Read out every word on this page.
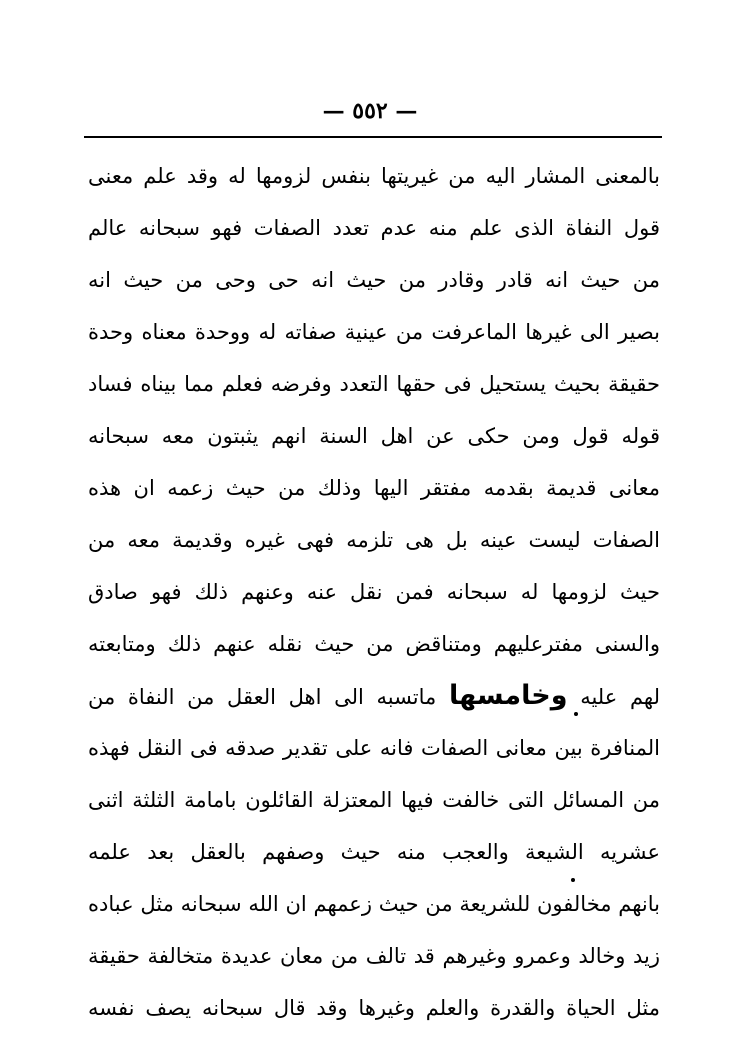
— ٥٥٢ —
بالمعنى المشار اليه من غيريتها بنفس لزومها له وقد علم معنى
قول النفاة الذى علم منه عدم تعدد الصفات فهو سبحانه عالم
من حيث انه قادر وقادر من حيث انه حى وحى من حيث انه
بصير الى غيرها الماعرفت من عينية صفاته له ووحدة معناه وحدة
حقيقة بحيث يستحيل فى حقها التعدد وفرضه فعلم مما بيناه فساد
قوله قول ومن حكى عن اهل السنة انهم يثبتون معه سبحانه
معانى قديمة بقدمه مفتقر اليها وذلك من حيث زعمه ان هذه
الصفات ليست عينه بل هى تلزمه فهى غيره وقديمة معه من
حيث لزومها له سبحانه فمن نقل عنه وعنهم ذلك فهو صادق
والسنى مفترعليهم ومتناقض من حيث نقله عنهم ذلك ومتابعته
لهم عليه وخامسها ماتسبه الى اهل العقل من النفاة من
المنافرة بين معانى الصفات فانه على تقدير صدقه فى النقل فهذه
من المسائل التى خالفت فيها المعتزلة القائلون بامامة الثلثة اثنى
عشريه الشيعة والعجب منه حيث وصفهم بالعقل بعد علمه
بانهم مخالفون للشريعة من حيث زعمهم ان الله سبحانه مثل عباده
زيد وخالد وعمرو وغيرهم قد تالف من معان عديدة متخالفة حقيقة
مثل الحياة والقدرة والعلم وغيرها وقد قال سبحانه يصف نفسه
